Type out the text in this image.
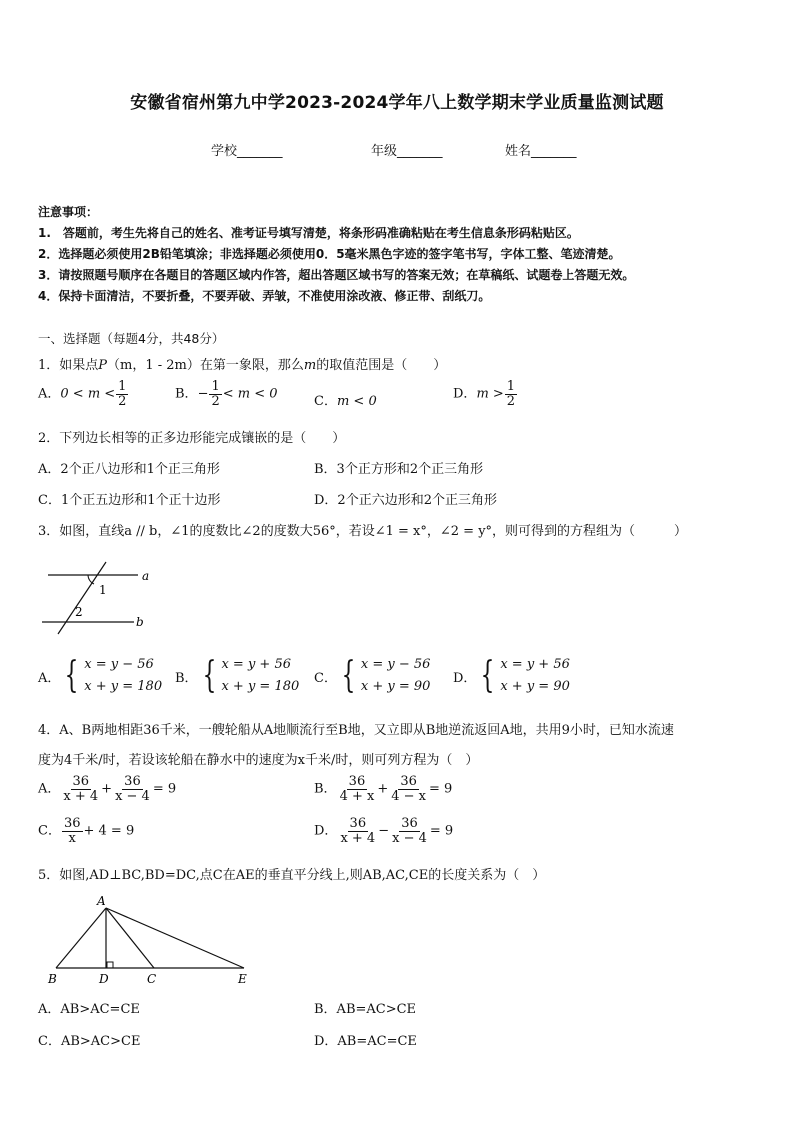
安徽省宿州第九中学2023-2024学年八上数学期末学业质量监测试题
学校_______	年级_______	姓名_______
注意事项：
1.　答题前，考生先将自己的姓名、准考证号填写清楚，将条形码准确粘贴在考生信息条形码粘贴区。
2．选择题必须使用2B铅笔填涂；非选择题必须使用0．5毫米黑色字迹的签字笔书写，字体工整、笔迹清楚。
3．请按照题号顺序在各题目的答题区域内作答，超出答题区域书写的答案无效；在草稿纸、试题卷上答题无效。
4．保持卡面清洁，不要折叠，不要弄破、弄皱，不准使用涂改液、修正带、刮纸刀。
一、选择题（每题4分，共48分）
1．如果点P（m，1 - 2m）在第一象限，那么m的取值范围是（　　）
A．$0 < m < \frac{1}{2}$	B．− $\frac{1}{2} < m < 0$	C．m < 0	D．$m > \frac{1}{2}$
2．下列边长相等的正多边形能完成镶嵌的是（　　）
A．2个正八边形和1个正三角形	B．3个正方形和2个正三角形
C．1个正五边形和1个正十边形	D．2个正六边形和2个正三角形
3．如图，直线a // b，∠1的度数比∠2的度数大56°，若设∠1 = x°，∠2 = y°，则可得到的方程组为（　　　）
a
b
1
2
A． { x = y − 56
x + y = 180
B． { x = y + 56
x + y = 180
C． { x = y − 56
x + y = 90
D． { x = y + 56
x + y = 90
4．A、B两地相距36千米，一艘轮船从A地顺流行至B地，又立即从B地逆流返回A地，共用9小时，已知水流速
度为4千米/时，若设该轮船在静水中的速度为x千米/时，则可列方程为（　）
A． $\frac{36}{x + 4} + \frac{36}{x - 4} = 9$	B． $\frac{36}{4 + x} + \frac{36}{4 - x} = 9$
C． $\frac{36}{x} + 4 = 9$	D． $\frac{36}{x + 4} - \frac{36}{x - 4} = 9$
5．如图,AD⊥BC,BD=DC,点C在AE的垂直平分线上,则AB,AC,CE的长度关系为（　）
A
B	D	C	E
A．AB>AC=CE	B．AB=AC>CE
C．AB>AC>CE	D．AB=AC=CE
